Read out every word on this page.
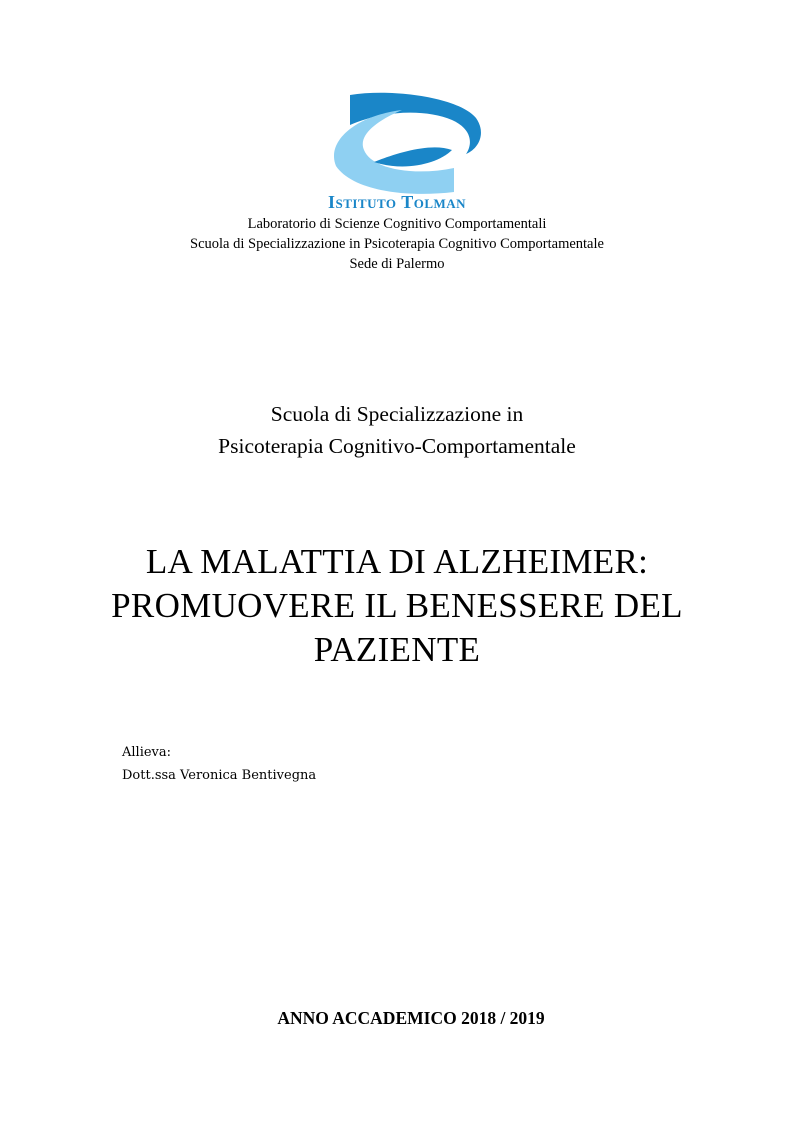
Istituto Tolman
Laboratorio di Scienze Cognitivo Comportamentali
Scuola di Specializzazione in Psicoterapia Cognitivo Comportamentale
Sede di Palermo
Scuola di Specializzazione in
Psicoterapia Cognitivo-Comportamentale
LA MALATTIA DI ALZHEIMER:
PROMUOVERE IL BENESSERE DEL
PAZIENTE
Allieva:
Dott.ssa Veronica Bentivegna
ANNO ACCADEMICO 2018 / 2019
